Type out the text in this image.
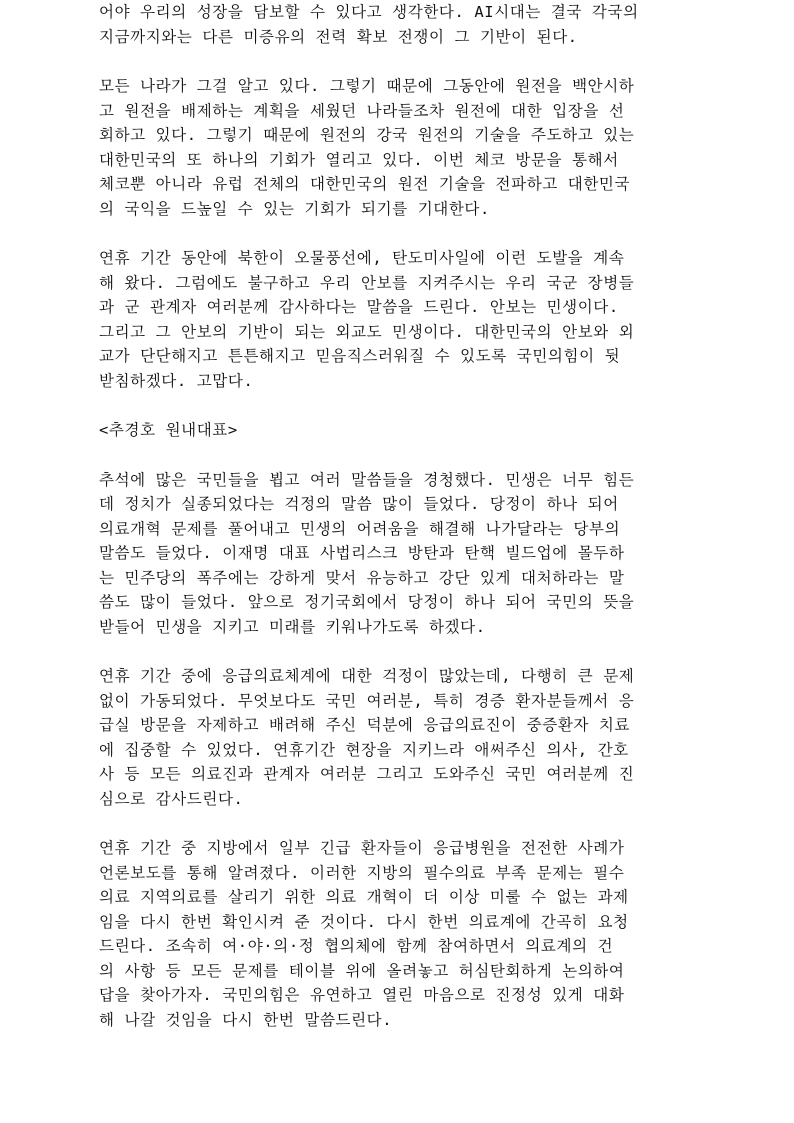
어야 우리의 성장을 담보할 수 있다고 생각한다. AI시대는 결국 각국의
지금까지와는 다른 미증유의 전력 확보 전쟁이 그 기반이 된다.
모든 나라가 그걸 알고 있다. 그렇기 때문에 그동안에 원전을 백안시하
고 원전을 배제하는 계획을 세웠던 나라들조차 원전에 대한 입장을 선
회하고 있다. 그렇기 때문에 원전의 강국 원전의 기술을 주도하고 있는
대한민국의 또 하나의 기회가 열리고 있다. 이번 체코 방문을 통해서
체코뿐 아니라 유럽 전체의 대한민국의 원전 기술을 전파하고 대한민국
의 국익을 드높일 수 있는 기회가 되기를 기대한다.
연휴 기간 동안에 북한이 오물풍선에, 탄도미사일에 이런 도발을 계속
해 왔다. 그럼에도 불구하고 우리 안보를 지켜주시는 우리 국군 장병들
과 군 관계자 여러분께 감사하다는 말씀을 드린다. 안보는 민생이다.
그리고 그 안보의 기반이 되는 외교도 민생이다. 대한민국의 안보와 외
교가 단단해지고 튼튼해지고 믿음직스러워질 수 있도록 국민의힘이 뒷
받침하겠다. 고맙다.
<추경호 원내대표>
추석에 많은 국민들을 뵙고 여러 말씀들을 경청했다. 민생은 너무 힘든
데 정치가 실종되었다는 걱정의 말씀 많이 들었다. 당정이 하나 되어
의료개혁 문제를 풀어내고 민생의 어려움을 해결해 나가달라는 당부의
말씀도 들었다. 이재명 대표 사법리스크 방탄과 탄핵 빌드업에 몰두하
는 민주당의 폭주에는 강하게 맞서 유능하고 강단 있게 대처하라는 말
씀도 많이 들었다. 앞으로 정기국회에서 당정이 하나 되어 국민의 뜻을
받들어 민생을 지키고 미래를 키워나가도록 하겠다.
연휴 기간 중에 응급의료체계에 대한 걱정이 많았는데, 다행히 큰 문제
없이 가동되었다. 무엇보다도 국민 여러분, 특히 경증 환자분들께서 응
급실 방문을 자제하고 배려해 주신 덕분에 응급의료진이 중증환자 치료
에 집중할 수 있었다. 연휴기간 현장을 지키느라 애써주신 의사, 간호
사 등 모든 의료진과 관계자 여러분 그리고 도와주신 국민 여러분께 진
심으로 감사드린다.
연휴 기간 중 지방에서 일부 긴급 환자들이 응급병원을 전전한 사례가
언론보도를 통해 알려졌다. 이러한 지방의 필수의료 부족 문제는 필수
의료 지역의료를 살리기 위한 의료 개혁이 더 이상 미룰 수 없는 과제
임을 다시 한번 확인시켜 준 것이다. 다시 한번 의료계에 간곡히 요청
드린다. 조속히 여·야·의·정 협의체에 함께 참여하면서 의료계의 건
의 사항 등 모든 문제를 테이블 위에 올려놓고 허심탄회하게 논의하여
답을 찾아가자. 국민의힘은 유연하고 열린 마음으로 진정성 있게 대화
해 나갈 것임을 다시 한번 말씀드린다.
